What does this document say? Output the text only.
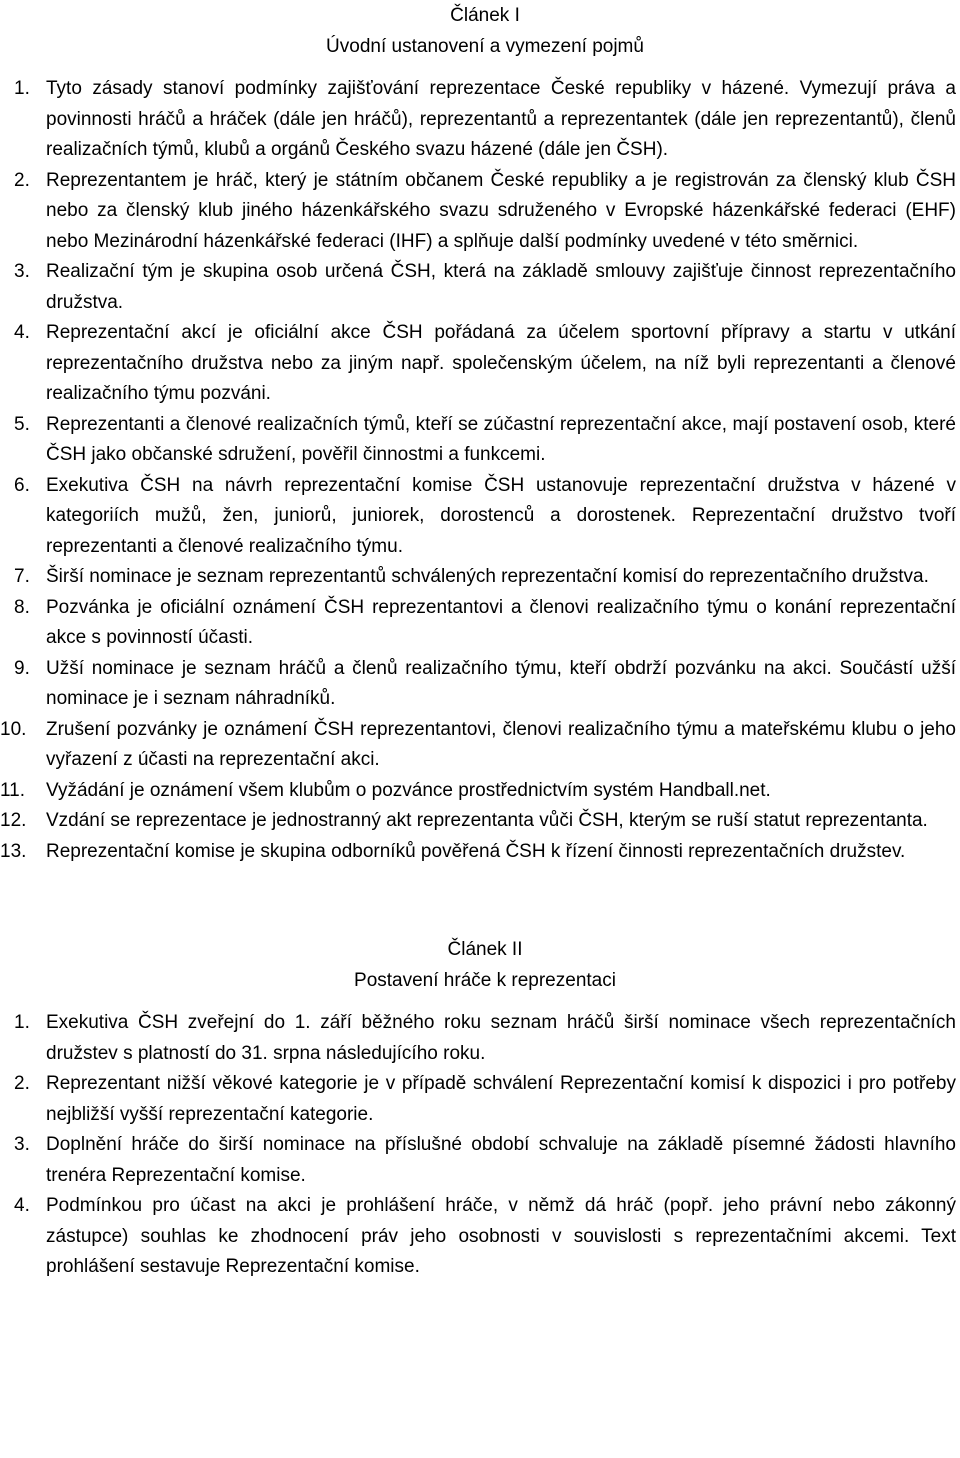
Článek I
Úvodní ustanovení a vymezení pojmů
1. Tyto zásady stanoví podmínky zajišťování reprezentace České republiky v házené. Vymezují práva a povinnosti hráčů a hráček (dále jen hráčů), reprezentantů a reprezentantek (dále jen reprezentantů), členů realizačních týmů, klubů a orgánů Českého svazu házené (dále jen ČSH).
2. Reprezentantem je hráč, který je státním občanem České republiky a je registrován za členský klub ČSH nebo za členský klub jiného házenkářského svazu sdruženého v Evropské házenkářské federaci (EHF) nebo Mezinárodní házenkářské federaci (IHF) a splňuje další podmínky uvedené v této směrnici.
3. Realizační tým je skupina osob určená ČSH, která na základě smlouvy zajišťuje činnost reprezentačního družstva.
4. Reprezentační akcí je oficiální akce ČSH pořádaná za účelem sportovní přípravy a startu v utkání reprezentačního družstva nebo za jiným např. společenským účelem, na níž byli reprezentanti a členové realizačního týmu pozváni.
5. Reprezentanti a členové realizačních týmů, kteří se zúčastní reprezentační akce, mají postavení osob, které ČSH jako občanské sdružení, pověřil činnostmi a funkcemi.
6. Exekutiva ČSH na návrh reprezentační komise ČSH ustanovuje reprezentační družstva v házené v kategoriích mužů, žen, juniorů, juniorek, dorostenců a dorostenek. Reprezentační družstvo tvoří reprezentanti a členové realizačního týmu.
7. Širší nominace je seznam reprezentantů schválených reprezentační komisí do reprezentačního družstva.
8. Pozvánka je oficiální oznámení ČSH reprezentantovi a členovi realizačního týmu o konání reprezentační akce s povinností účasti.
9. Užší nominace je seznam hráčů a členů realizačního týmu, kteří obdrží pozvánku na akci. Součástí užší nominace je i seznam náhradníků.
10. Zrušení pozvánky je oznámení ČSH reprezentantovi, členovi realizačního týmu a mateřskému klubu o jeho vyřazení z účasti na reprezentační akci.
11. Vyžádání je oznámení všem klubům o pozvánce prostřednictvím systém Handball.net.
12. Vzdání se reprezentace je jednostranný akt reprezentanta vůči ČSH, kterým se ruší statut reprezentanta.
13. Reprezentační komise je skupina odborníků pověřená ČSH k řízení činnosti reprezentačních družstev.
Článek II
Postavení hráče k reprezentaci
1. Exekutiva ČSH zveřejní do 1. září běžného roku seznam hráčů širší nominace všech reprezentačních družstev s platností do 31. srpna následujícího roku.
2. Reprezentant nižší věkové kategorie je v případě schválení Reprezentační komisí k dispozici i pro potřeby nejbližší vyšší reprezentační kategorie.
3. Doplnění hráče do širší nominace na příslušné období schvaluje na základě písemné žádosti hlavního trenéra Reprezentační komise.
4. Podmínkou pro účast na akci je prohlášení hráče, v němž dá hráč (popř. jeho právní nebo zákonný zástupce) souhlas ke zhodnocení práv jeho osobnosti v souvislosti s reprezentačními akcemi. Text prohlášení sestavuje Reprezentační komise.
